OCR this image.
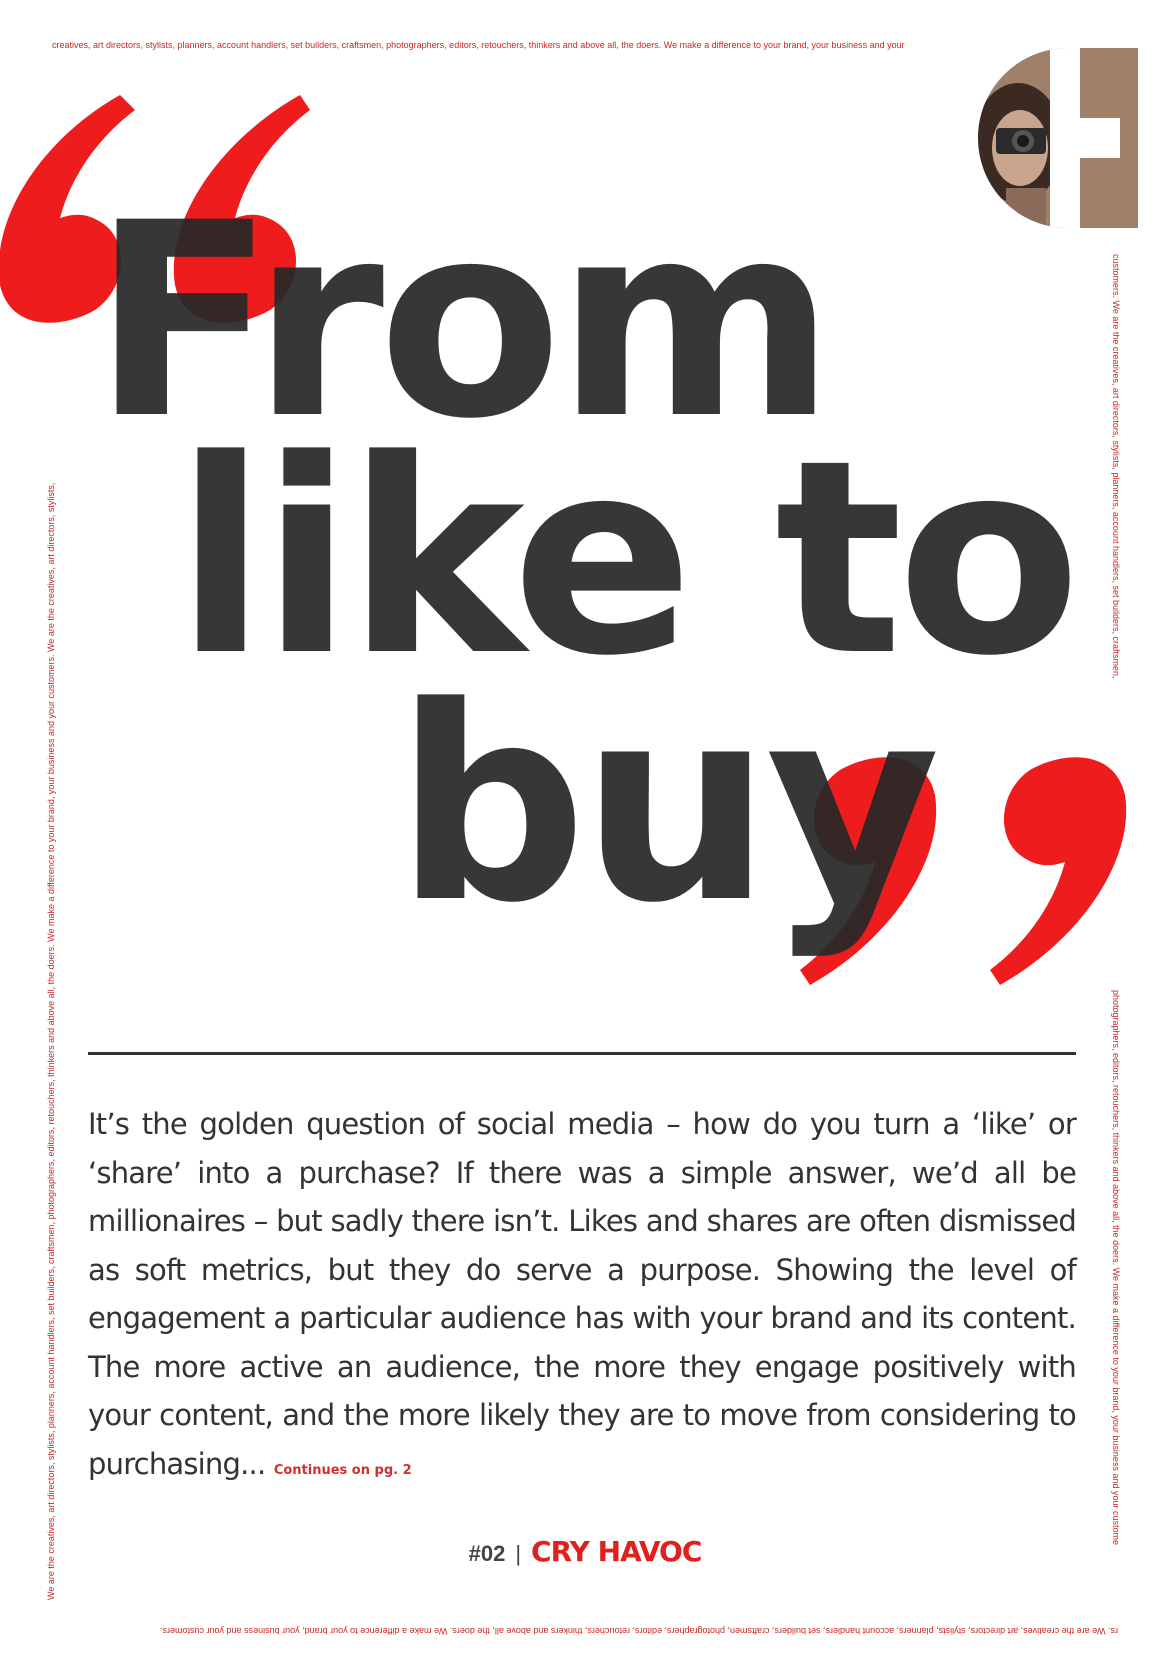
creatives, art directors, stylists, planners, account handlers, set builders, craftsmen, photographers, editors, retouchers, thinkers and above all, the doers. We make a difference to your brand, your business and your
We are the creatives, art directors, stylists, planners, account handlers, set builders, craftsmen, photographers, editors, retouchers, thinkers and above all, the doers. We make a difference to your brand, your business and your customers. We are the creatives, art directors, stylists,
customers. We are the creatives, art directors, stylists, planners, account handlers, set builders, craftsmen,
photographers, editors, retouchers, thinkers and above all, the doers. We make a difference to your brand, your business and your custome
rs. We are the creatives, art directors, stylists, planners, account handlers, set builders, craftsmen, photographers, editors, retouchers, thinkers and above all, the doers. We make a difference to your brand, your business and your customers.
From
like to
buy

It’s the golden question of social media – how do you turn a ‘like’ or ‘share’ into a purchase? If there was a simple answer, we’d all be millionaires – but sadly there isn’t. Likes and shares are often dismissed as soft metrics, but they do serve a purpose. Showing the level of engagement a particular audience has with your brand and its content. The more active an audience, the more they engage positively with your content, and the more likely they are to move from considering to purchasing... Continues on pg. 2

#02 | CRY HAVOC
